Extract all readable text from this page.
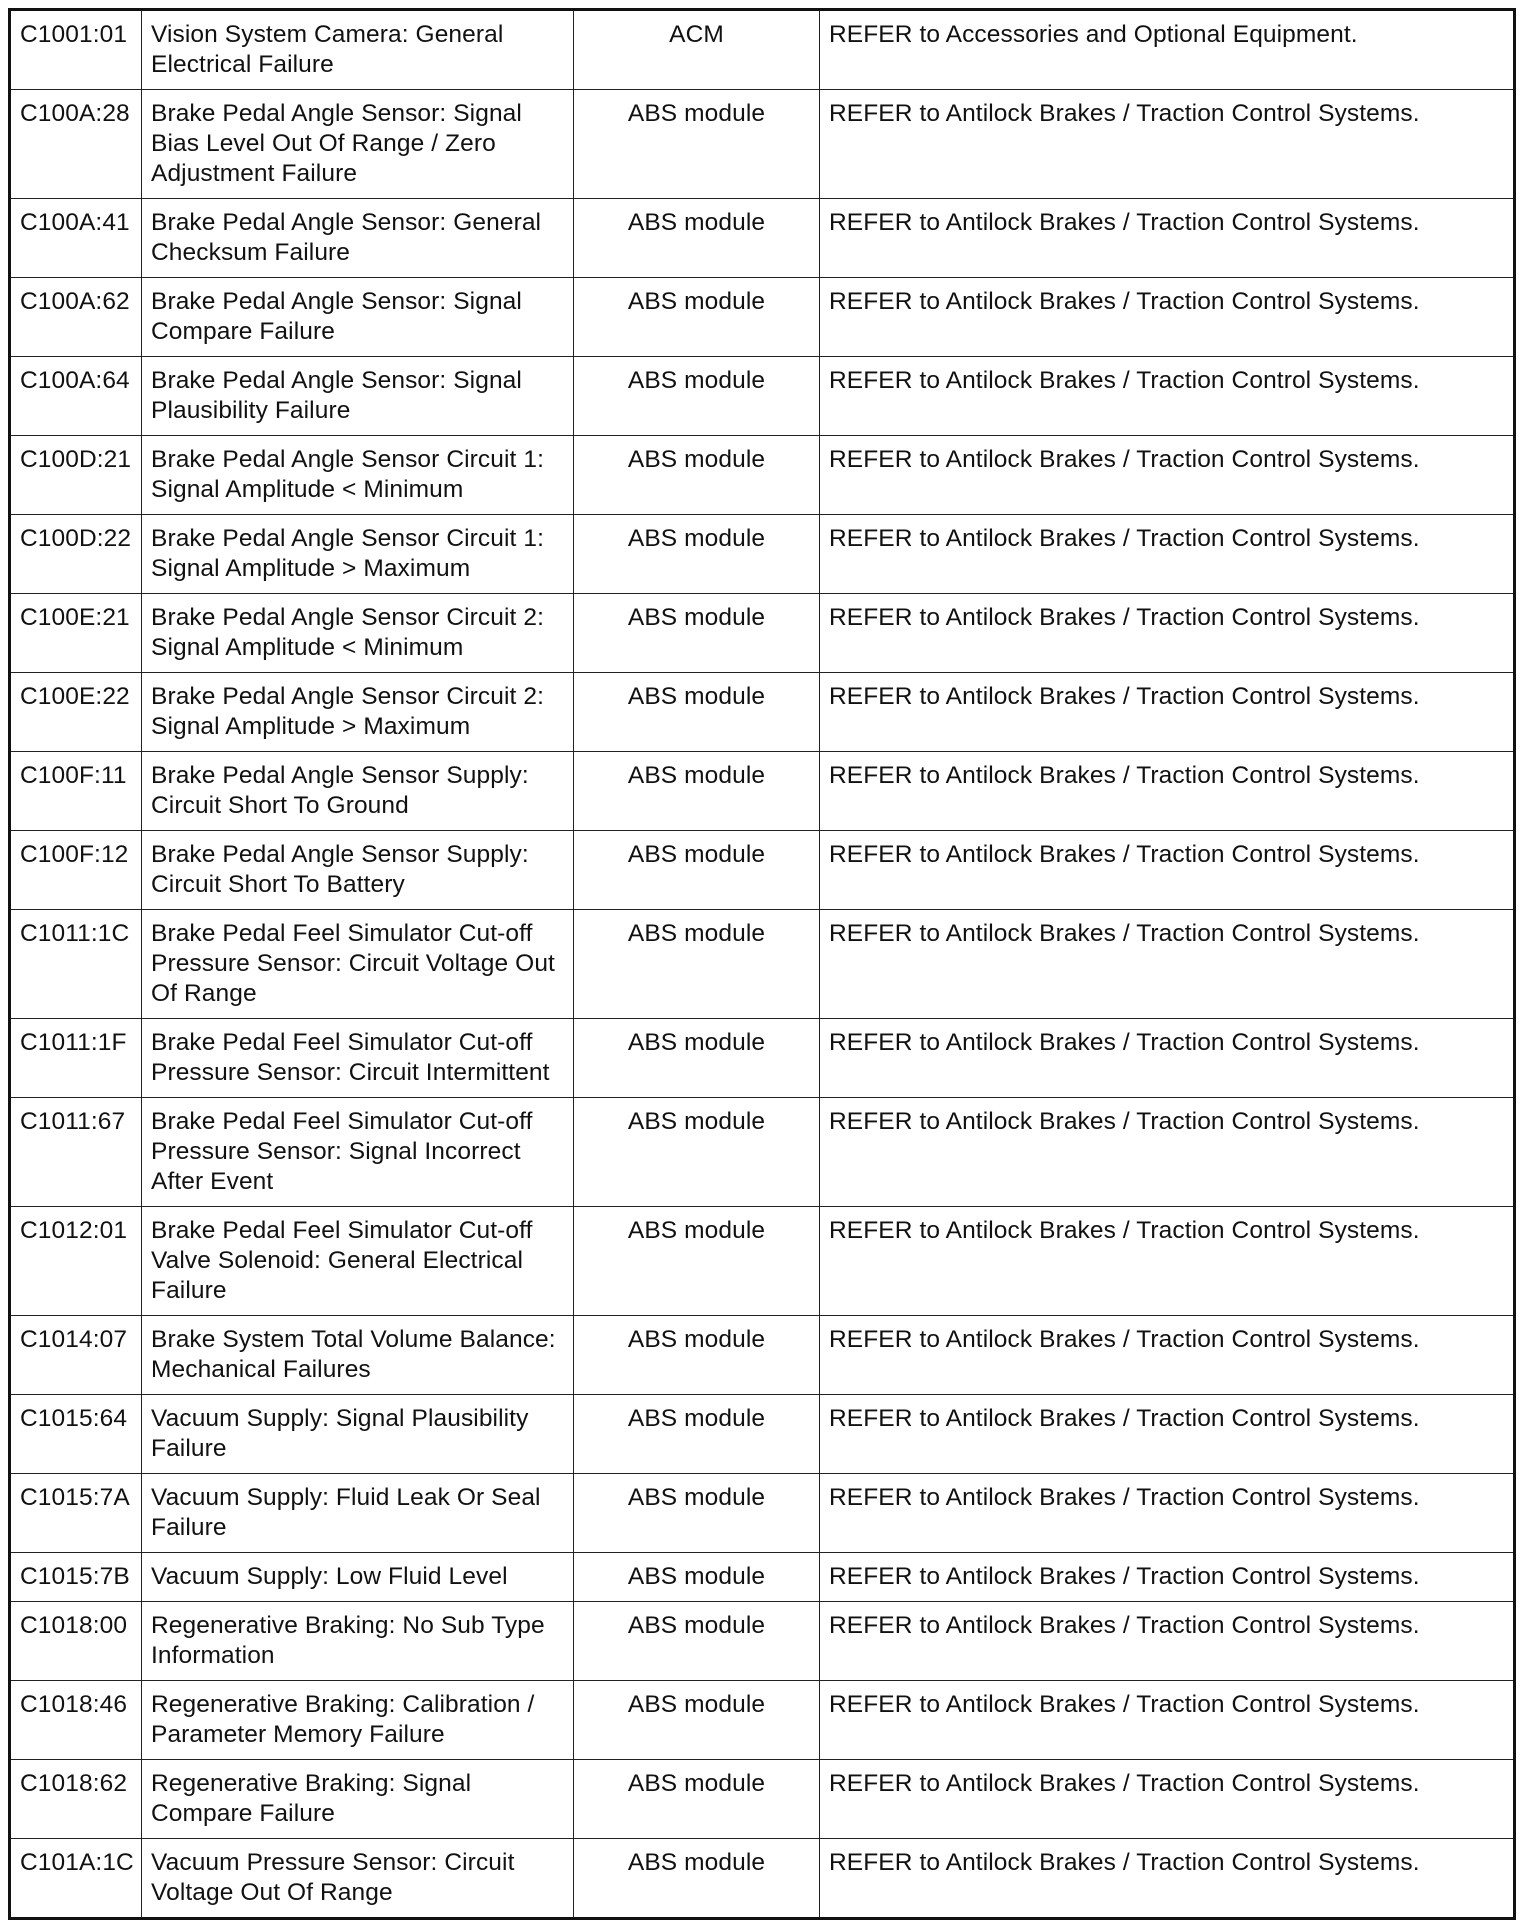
C1001:01	Vision System Camera: General Electrical Failure	ACM	REFER to Accessories and Optional Equipment.
C100A:28	Brake Pedal Angle Sensor: Signal Bias Level Out Of Range / Zero Adjustment Failure	ABS module	REFER to Antilock Brakes / Traction Control Systems.
C100A:41	Brake Pedal Angle Sensor: General Checksum Failure	ABS module	REFER to Antilock Brakes / Traction Control Systems.
C100A:62	Brake Pedal Angle Sensor: Signal Compare Failure	ABS module	REFER to Antilock Brakes / Traction Control Systems.
C100A:64	Brake Pedal Angle Sensor: Signal Plausibility Failure	ABS module	REFER to Antilock Brakes / Traction Control Systems.
C100D:21	Brake Pedal Angle Sensor Circuit 1: Signal Amplitude < Minimum	ABS module	REFER to Antilock Brakes / Traction Control Systems.
C100D:22	Brake Pedal Angle Sensor Circuit 1: Signal Amplitude > Maximum	ABS module	REFER to Antilock Brakes / Traction Control Systems.
C100E:21	Brake Pedal Angle Sensor Circuit 2: Signal Amplitude < Minimum	ABS module	REFER to Antilock Brakes / Traction Control Systems.
C100E:22	Brake Pedal Angle Sensor Circuit 2: Signal Amplitude > Maximum	ABS module	REFER to Antilock Brakes / Traction Control Systems.
C100F:11	Brake Pedal Angle Sensor Supply: Circuit Short To Ground	ABS module	REFER to Antilock Brakes / Traction Control Systems.
C100F:12	Brake Pedal Angle Sensor Supply: Circuit Short To Battery	ABS module	REFER to Antilock Brakes / Traction Control Systems.
C1011:1C	Brake Pedal Feel Simulator Cut-off Pressure Sensor: Circuit Voltage Out Of Range	ABS module	REFER to Antilock Brakes / Traction Control Systems.
C1011:1F	Brake Pedal Feel Simulator Cut-off Pressure Sensor: Circuit Intermittent	ABS module	REFER to Antilock Brakes / Traction Control Systems.
C1011:67	Brake Pedal Feel Simulator Cut-off Pressure Sensor: Signal Incorrect After Event	ABS module	REFER to Antilock Brakes / Traction Control Systems.
C1012:01	Brake Pedal Feel Simulator Cut-off Valve Solenoid: General Electrical Failure	ABS module	REFER to Antilock Brakes / Traction Control Systems.
C1014:07	Brake System Total Volume Balance: Mechanical Failures	ABS module	REFER to Antilock Brakes / Traction Control Systems.
C1015:64	Vacuum Supply: Signal Plausibility Failure	ABS module	REFER to Antilock Brakes / Traction Control Systems.
C1015:7A	Vacuum Supply: Fluid Leak Or Seal Failure	ABS module	REFER to Antilock Brakes / Traction Control Systems.
C1015:7B	Vacuum Supply: Low Fluid Level	ABS module	REFER to Antilock Brakes / Traction Control Systems.
C1018:00	Regenerative Braking: No Sub Type Information	ABS module	REFER to Antilock Brakes / Traction Control Systems.
C1018:46	Regenerative Braking: Calibration / Parameter Memory Failure	ABS module	REFER to Antilock Brakes / Traction Control Systems.
C1018:62	Regenerative Braking: Signal Compare Failure	ABS module	REFER to Antilock Brakes / Traction Control Systems.
C101A:1C	Vacuum Pressure Sensor: Circuit Voltage Out Of Range	ABS module	REFER to Antilock Brakes / Traction Control Systems.
